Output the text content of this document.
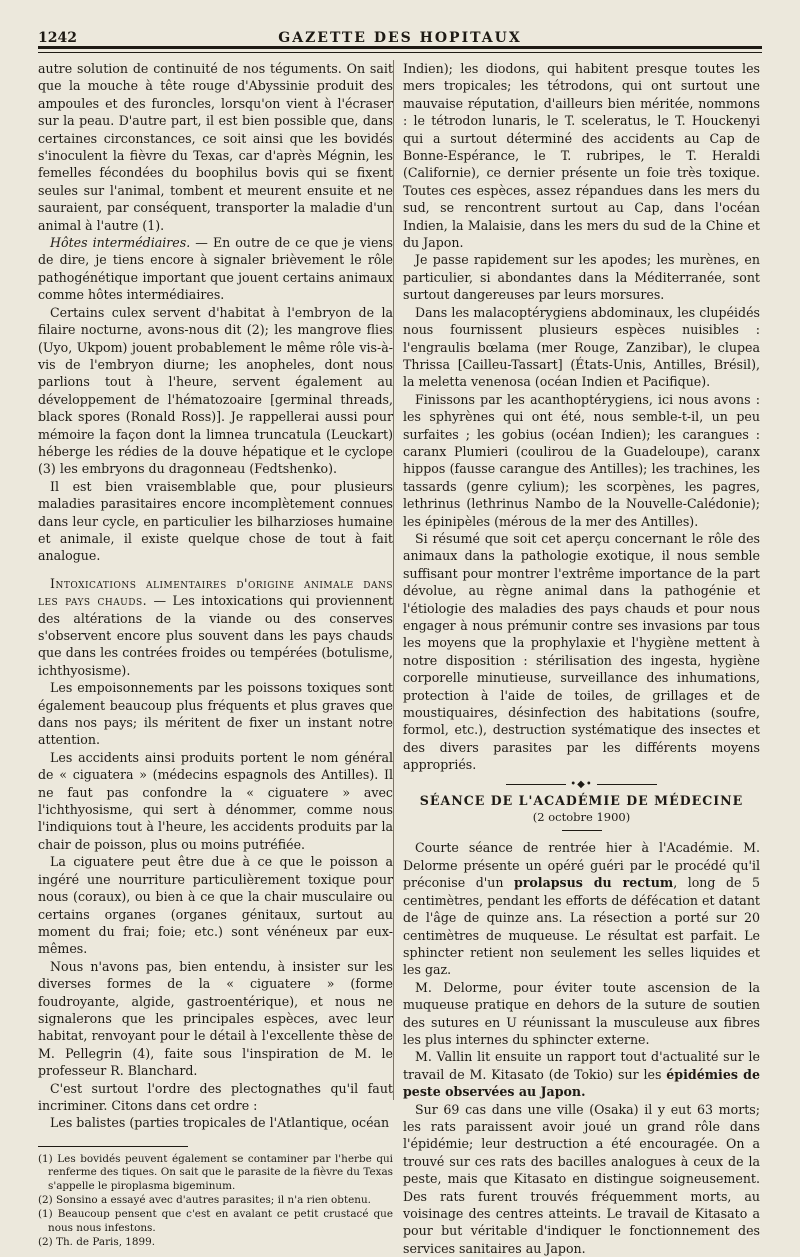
1242	GAZETTE DES HOPITAUX

autre solution de continuité de nos téguments. On sait que la mouche à tête rouge d'Abyssinie produit des ampoules et des furoncles, lorsqu'on vient à l'écraser sur la peau. D'autre part, il est bien possible que, dans certaines circonstances, ce soit ainsi que les bovidés s'inoculent la fièvre du Texas, car d'après Mégnin, les femelles fécondées du boophilus bovis qui se fixent seules sur l'animal, tombent et meurent ensuite et ne sauraient, par conséquent, transporter la maladie d'un animal à l'autre (1).

Hôtes intermédiaires. — En outre de ce que je viens de dire, je tiens encore à signaler brièvement le rôle pathogénétique important que jouent certains animaux comme hôtes intermédiaires.

Certains culex servent d'habitat à l'embryon de la filaire nocturne, avons-nous dit (2); les mangrove flies (Uyo, Ukpom) jouent probablement le même rôle vis-à-vis de l'embryon diurne; les anopheles, dont nous parlions tout à l'heure, servent également au développement de l'hématozoaire [germinal threads, black spores (Ronald Ross)]. Je rappellerai aussi pour mémoire la façon dont la limnea truncatula (Leuckart) héberge les rédies de la douve hépatique et le cyclope (3) les embryons du dragonneau (Fedtshenko).

Il est bien vraisemblable que, pour plusieurs maladies parasitaires encore incomplètement connues dans leur cycle, en particulier les bilharzioses humaine et animale, il existe quelque chose de tout à fait analogue.

Intoxications alimentaires d'origine animale dans les pays chauds. — Les intoxications qui proviennent des altérations de la viande ou des conserves s'observent encore plus souvent dans les pays chauds que dans les contrées froides ou tempérées (botulisme, ichthyosisme).

Les empoisonnements par les poissons toxiques sont également beaucoup plus fréquents et plus graves que dans nos pays; ils méritent de fixer un instant notre attention.

Les accidents ainsi produits portent le nom général de « ciguatera » (médecins espagnols des Antilles). Il ne faut pas confondre la « ciguatere » avec l'ichthyosisme, qui sert à dénommer, comme nous l'indiquions tout à l'heure, les accidents produits par la chair de poisson, plus ou moins putréfiée.

La ciguatere peut être due à ce que le poisson a ingéré une nourriture particulièrement toxique pour nous (coraux), ou bien à ce que la chair musculaire ou certains organes (organes génitaux, surtout au moment du frai; foie; etc.) sont vénéneux par eux-mêmes.

Nous n'avons pas, bien entendu, à insister sur les diverses formes de la « ciguatere » (forme foudroyante, algide, gastroentérique), et nous ne signalerons que les principales espèces, avec leur habitat, renvoyant pour le détail à l'excellente thèse de M. Pellegrin (4), faite sous l'inspiration de M. le professeur R. Blanchard.

C'est surtout l'ordre des plectognathes qu'il faut incriminer. Citons dans cet ordre :

Les balistes (parties tropicales de l'Atlantique, océan

(1) Les bovidés peuvent également se contaminer par l'herbe qui renferme des tiques. On sait que le parasite de la fièvre du Texas s'appelle le piroplasma bigeminum.

(2) Sonsino a essayé avec d'autres parasites; il n'a rien obtenu.

(1) Beaucoup pensent que c'est en avalant ce petit crustacé que nous nous infestons.

(2) Th. de Paris, 1899.

Indien); les diodons, qui habitent presque toutes les mers tropicales; les tétrodons, qui ont surtout une mauvaise réputation, d'ailleurs bien méritée, nommons : le tétrodon lunaris, le T. sceleratus, le T. Houckenyi qui a surtout déterminé des accidents au Cap de Bonne-Espérance, le T. rubripes, le T. Heraldi (Californie), ce dernier présente un foie très toxique. Toutes ces espèces, assez répandues dans les mers du sud, se rencontrent surtout au Cap, dans l'océan Indien, la Malaisie, dans les mers du sud de la Chine et du Japon.

Je passe rapidement sur les apodes; les murènes, en particulier, si abondantes dans la Méditerranée, sont surtout dangereuses par leurs morsures.

Dans les malacoptérygiens abdominaux, les clupéidés nous fournissent plusieurs espèces nuisibles : l'engraulis bœlama (mer Rouge, Zanzibar), le clupea Thrissa [Cailleu-Tassart] (États-Unis, Antilles, Brésil), la meletta venenosa (océan Indien et Pacifique).

Finissons par les acanthoptérygiens, ici nous avons : les sphyrènes qui ont été, nous semble-t-il, un peu surfaites ; les gobius (océan Indien); les carangues : caranx Plumieri (coulirou de la Guadeloupe), caranx hippos (fausse carangue des Antilles); les trachines, les tassards (genre cylium); les scorpènes, les pagres, lethrinus (lethrinus Nambo de la Nouvelle-Calédonie); les épinipèles (mérous de la mer des Antilles).

Si résumé que soit cet aperçu concernant le rôle des animaux dans la pathologie exotique, il nous semble suffisant pour montrer l'extrême importance de la part dévolue, au règne animal dans la pathogénie et l'étiologie des maladies des pays chauds et pour nous engager à nous prémunir contre ses invasions par tous les moyens que la prophylaxie et l'hygiène mettent à notre disposition : stérilisation des ingesta, hygiène corporelle minutieuse, surveillance des inhumations, protection à l'aide de toiles, de grillages et de moustiquaires, désinfection des habitations (soufre, formol, etc.), destruction systématique des insectes et des divers parasites par les différents moyens appropriés.

•◆•
SÉANCE DE L'ACADÉMIE DE MÉDECINE
(2 octobre 1900)

Courte séance de rentrée hier à l'Académie. M. Delorme présente un opéré guéri par le procédé qu'il préconise d'un prolapsus du rectum, long de 5 centimètres, pendant les efforts de défécation et datant de l'âge de quinze ans. La résection a porté sur 20 centimètres de muqueuse. Le résultat est parfait. Le sphincter retient non seulement les selles liquides et les gaz.

M. Delorme, pour éviter toute ascension de la muqueuse pratique en dehors de la suture de soutien des sutures en U réunissant la musculeuse aux fibres les plus internes du sphincter externe.

M. Vallin lit ensuite un rapport tout d'actualité sur le travail de M. Kitasato (de Tokio) sur les épidémies de peste observées au Japon.

Sur 69 cas dans une ville (Osaka) il y eut 63 morts; les rats paraissent avoir joué un grand rôle dans l'épidémie; leur destruction a été encouragée. On a trouvé sur ces rats des bacilles analogues à ceux de la peste, mais que Kitasato en distingue soigneusement. Des rats furent trouvés fréquemment morts, au voisinage des centres atteints. Le travail de Kitasato a pour but véritable d'indiquer le fonctionnement des services sanitaires au Japon.
